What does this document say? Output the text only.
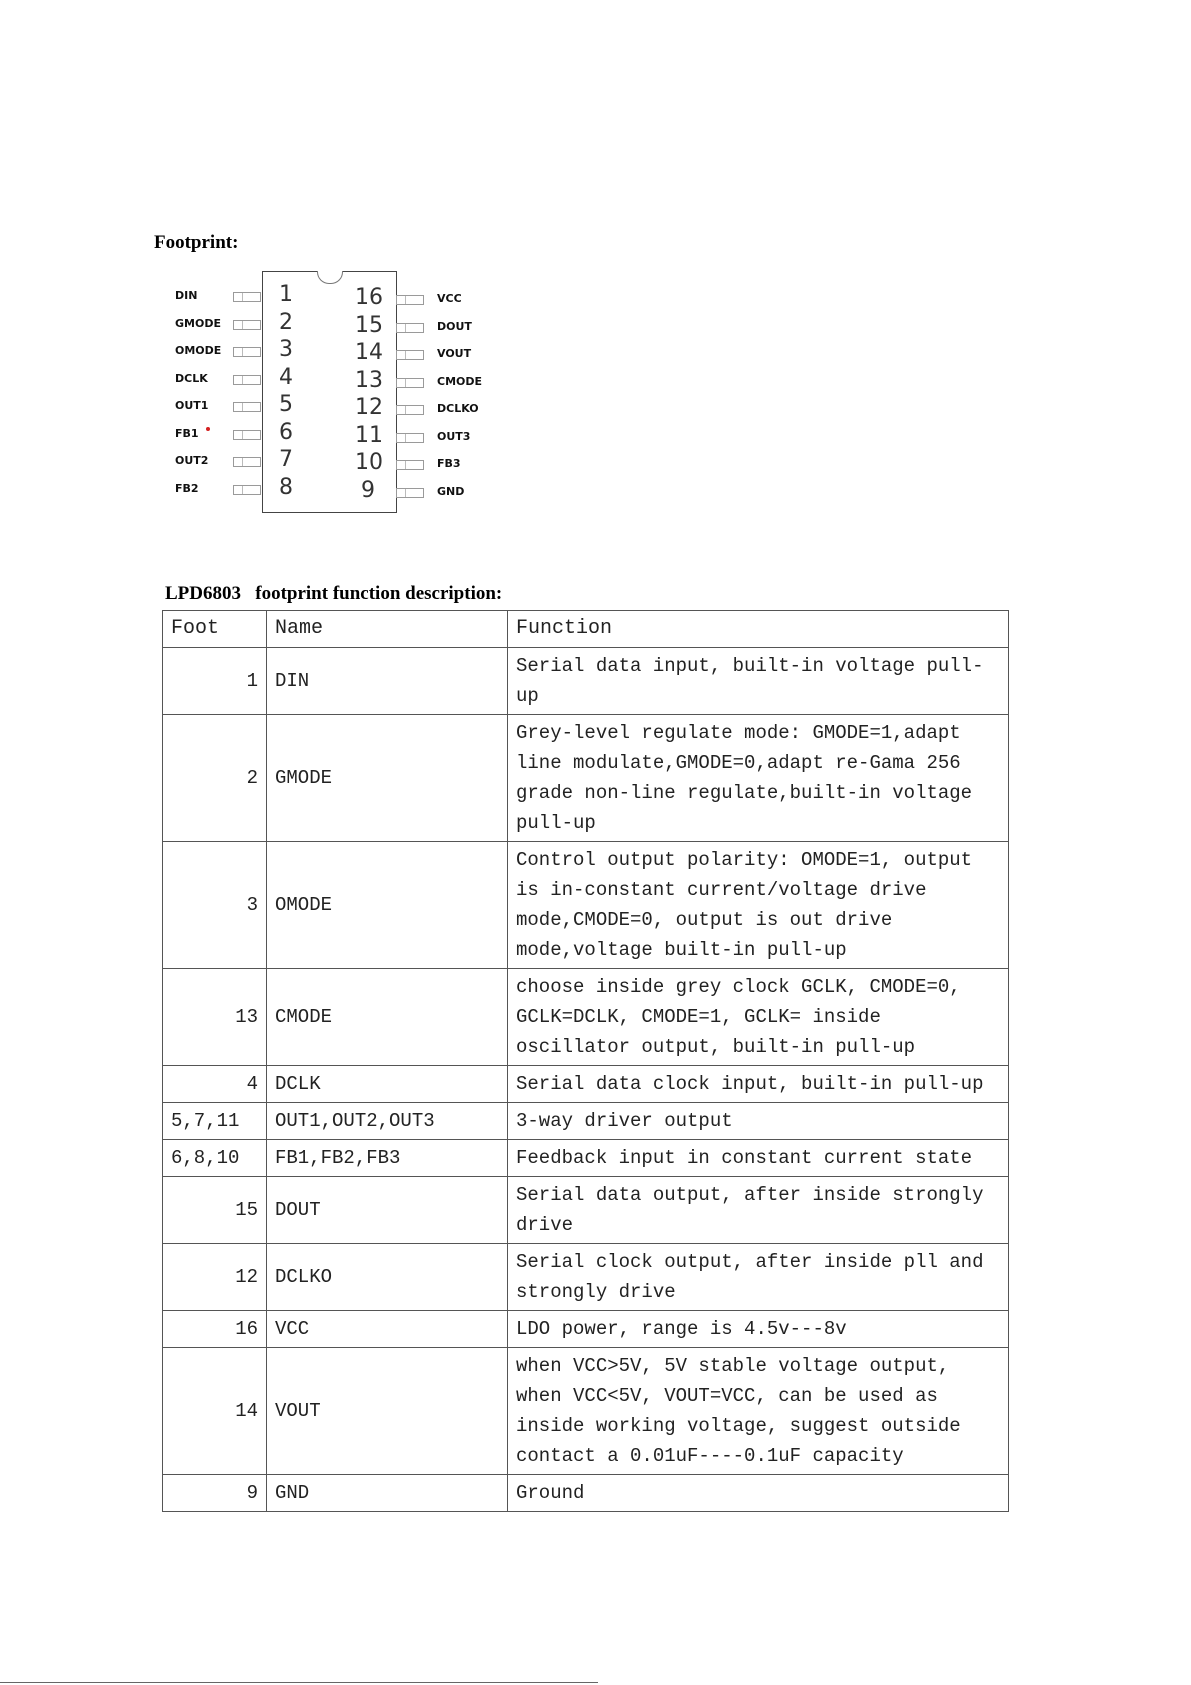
Footprint:
DIN	1
GMODE	2
OMODE	3
DCLK	4
OUT1	5
FB1	6
OUT2	7
FB2	8
16	VCC
15	DOUT
14	VOUT
13	CMODE
12	DCLKO
11	OUT3
10	FB3
9	GND
LPD6803   footprint function description:
Foot	Name	Function
1	DIN	Serial data input, built-in voltage pull-up
2	GMODE	Grey-level regulate mode: GMODE=1,adapt line modulate,GMODE=0,adapt re-Gama 256 grade non-line regulate,built-in voltage pull-up
3	OMODE	Control output polarity: OMODE=1, output is in-constant current/voltage drive mode,CMODE=0, output is out drive mode,voltage built-in pull-up
13	CMODE	choose inside grey clock GCLK, CMODE=0, GCLK=DCLK, CMODE=1, GCLK= inside oscillator output, built-in pull-up
4	DCLK	Serial data clock input, built-in pull-up
5,7,11	OUT1,OUT2,OUT3	3-way driver output
6,8,10	FB1,FB2,FB3	Feedback input in constant current state
15	DOUT	Serial data output, after inside strongly drive
12	DCLKO	Serial clock output, after inside pll and strongly drive
16	VCC	LDO power, range is 4.5v---8v
14	VOUT	when VCC>5V, 5V stable voltage output, when VCC<5V, VOUT=VCC, can be used as inside working voltage, suggest outside contact a 0.01uF----0.1uF capacity
9	GND	Ground
